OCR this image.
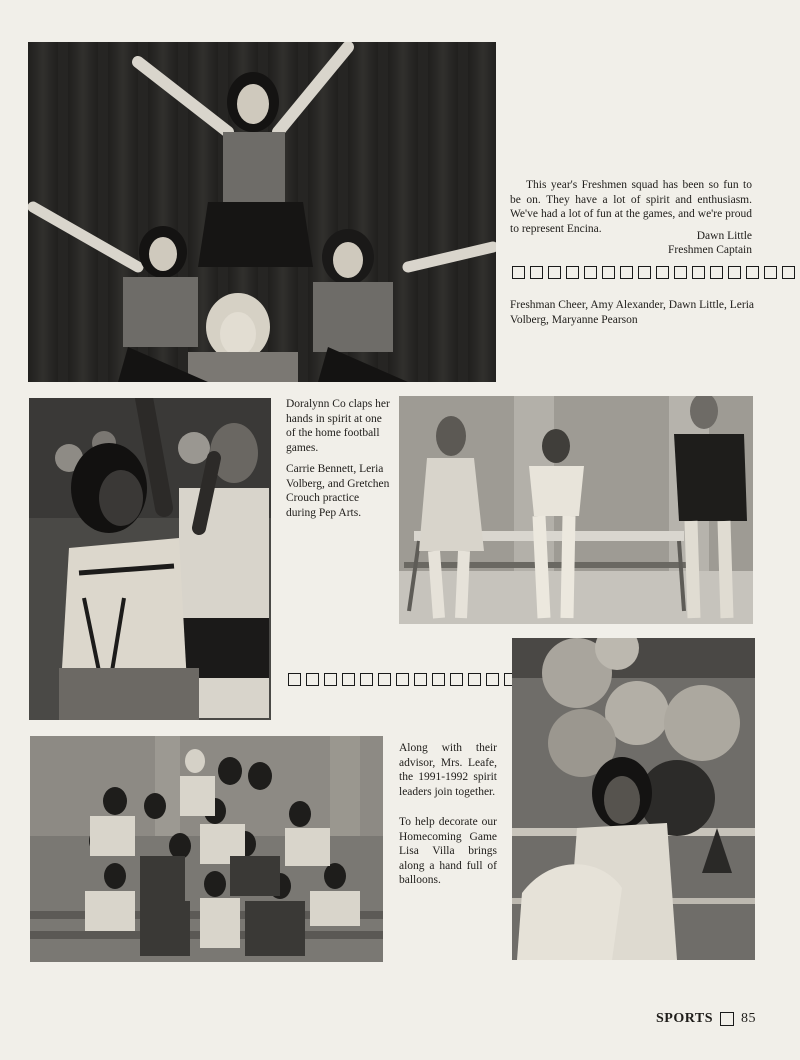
This year's Freshmen squad has been so fun to be on. They have a lot of spirit and enthusiasm. We've had a lot of fun at the games, and we're proud to represent Encina.
Dawn Little
Freshmen Captain
Freshman Cheer, Amy Alexander, Dawn Little, Leria Volberg, Maryanne Pearson
Doralynn Co claps her hands in spirit at one of the home football games.
Carrie Bennett, Leria Volberg, and Gretchen Crouch practice during Pep Arts.
Along with their advisor, Mrs. Leafe, the 1991-1992 spirit leaders join together.
To help decorate our Homecoming Game Lisa Villa brings along a hand full of balloons.
SPORTS 85
